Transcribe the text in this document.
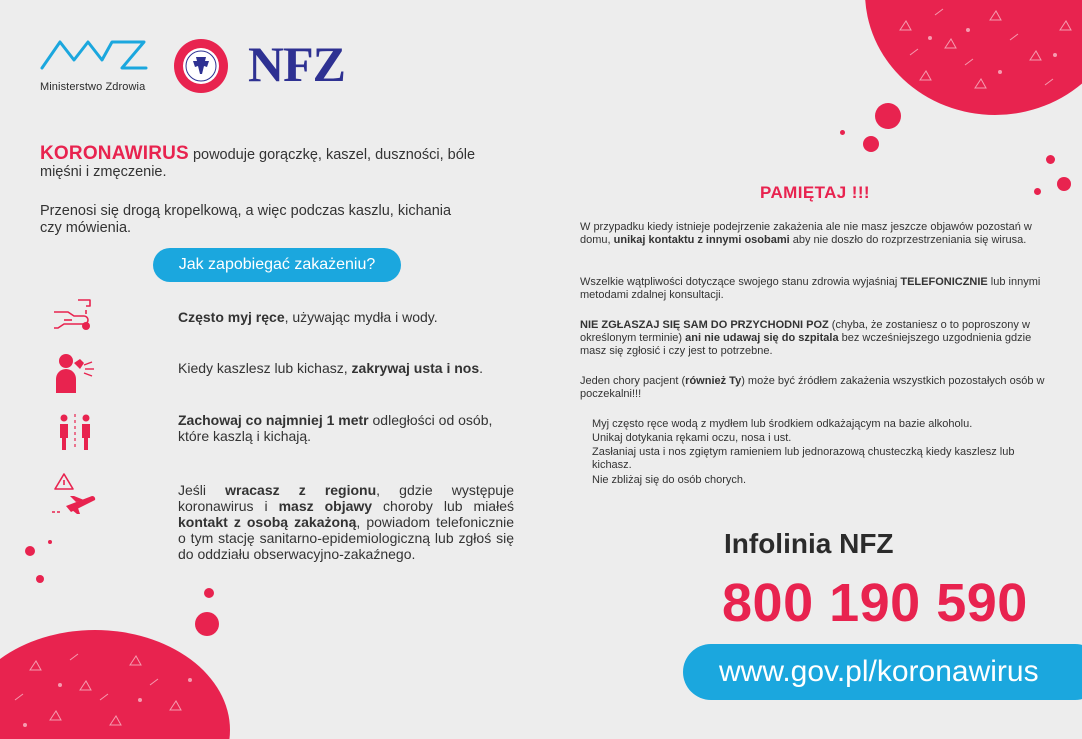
Ministerstwo Zdrowia NFZ
KORONAWIRUS powoduje gorączkę, kaszel, duszności, bóle mięśni i zmęczenie.
Przenosi się drogą kropelkową, a więc podczas kaszlu, kichania czy mówienia.
Jak zapobiegać zakażeniu?
Często myj ręce, używając mydła i wody.
Kiedy kaszlesz lub kichasz, zakrywaj usta i nos.
Zachowaj co najmniej 1 metr odległości od osób, które kaszlą i kichają.
Jeśli wracasz z regionu, gdzie występuje koronawirus i masz objawy choroby lub miałeś kontakt z osobą zakażoną, powiadom telefonicznie o tym stację sanitarno-epidemiologiczną lub zgłoś się do oddziału obserwacyjno-zakaźnego.
PAMIĘTAJ !!!
W przypadku kiedy istnieje podejrzenie zakażenia ale nie masz jeszcze objawów pozostań w domu, unikaj kontaktu z innymi osobami aby nie doszło do rozprzestrzeniania się wirusa.
Wszelkie wątpliwości dotyczące swojego stanu zdrowia wyjaśniaj TELEFONICZNIE lub innymi metodami zdalnej konsultacji.
NIE ZGŁASZAJ SIĘ SAM DO PRZYCHODNI POZ (chyba, że zostaniesz o to poproszony w określonym terminie) ani nie udawaj się do szpitala bez wcześniejszego uzgodnienia gdzie masz się zgłosić i czy jest to potrzebne.
Jeden chory pacjent (również Ty) może być źródłem zakażenia wszystkich pozostałych osób w poczekalni!!!
Myj często ręce wodą z mydłem lub środkiem odkażającym na bazie alkoholu.
Unikaj dotykania rękami oczu, nosa i ust.
Zasłaniaj usta i nos zgiętym ramieniem lub jednorazową chusteczką kiedy kaszlesz lub kichasz.
Nie zbliżaj się do osób chorych.
Infolinia NFZ
800 190 590
www.gov.pl/koronawirus
